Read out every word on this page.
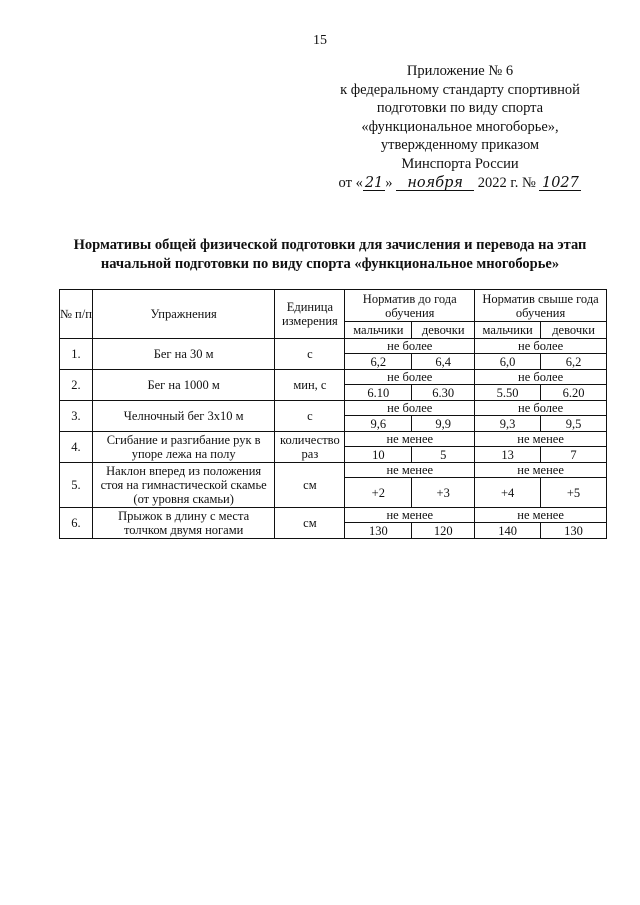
15
Приложение № 6
к федеральному стандарту спортивной
подготовки по виду спорта
«функциональное многоборье»,
утвержденному приказом
Минспорта России
от « 21 » ноября 2022 г. № 1027
Нормативы общей физической подготовки для зачисления и перевода на этап
начальной подготовки по виду спорта «функциональное многоборье»
№ п/п	Упражнения	Единица измерения	Норматив до года обучения		Норматив свыше года обучения	
			мальчики	девочки	мальчики	девочки
1.	Бег на 30 м	с	не более		не более	
			6,2	6,4	6,0	6,2
2.	Бег на 1000 м	мин, с	не более		не более	
			6.10	6.30	5.50	6.20
3.	Челночный бег 3x10 м	с	не более		не более	
			9,6	9,9	9,3	9,5
4.	Сгибание и разгибание рук в упоре лежа на полу	количество раз	не менее		не менее	
			10	5	13	7
5.	Наклон вперед из положения стоя на гимнастической скамье (от уровня скамьи)	см	не менее		не менее	
			+2	+3	+4	+5
6.	Прыжок в длину с места толчком двумя ногами	см	не менее		не менее	
			130	120	140	130
